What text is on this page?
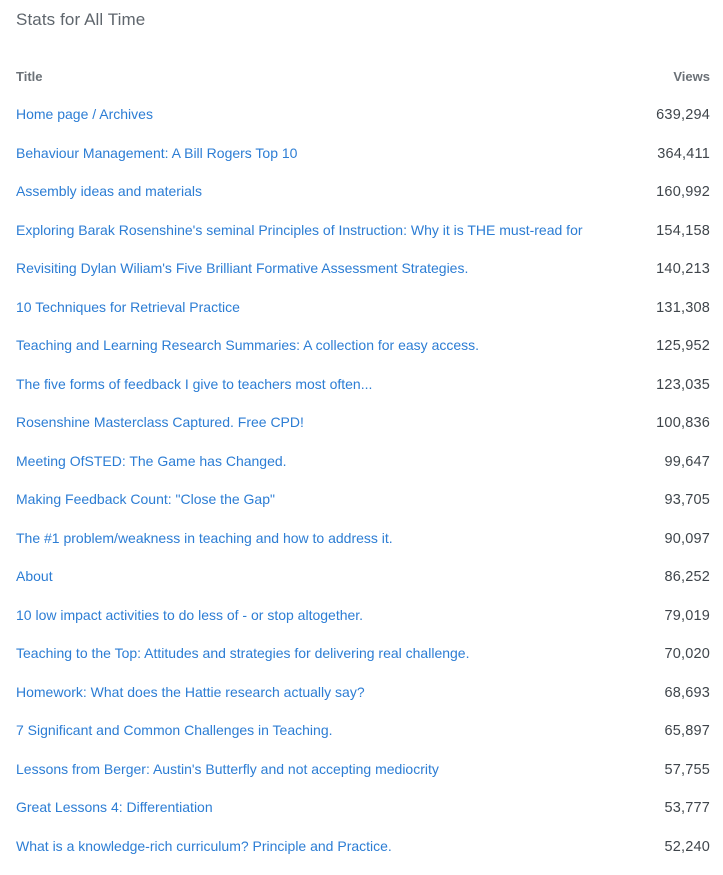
Stats for All Time
Title	Views
Home page / Archives	639,294
Behaviour Management: A Bill Rogers Top 10	364,411
Assembly ideas and materials	160,992
Exploring Barak Rosenshine's seminal Principles of Instruction: Why it is THE must-read for	154,158
Revisiting Dylan Wiliam's Five Brilliant Formative Assessment Strategies.	140,213
10 Techniques for Retrieval Practice	131,308
Teaching and Learning Research Summaries: A collection for easy access.	125,952
The five forms of feedback I give to teachers most often...	123,035
Rosenshine Masterclass Captured. Free CPD!	100,836
Meeting OfSTED: The Game has Changed.	99,647
Making Feedback Count: "Close the Gap"	93,705
The #1 problem/weakness in teaching and how to address it.	90,097
About	86,252
10 low impact activities to do less of - or stop altogether.	79,019
Teaching to the Top: Attitudes and strategies for delivering real challenge.	70,020
Homework: What does the Hattie research actually say?	68,693
7 Significant and Common Challenges in Teaching.	65,897
Lessons from Berger: Austin's Butterfly and not accepting mediocrity	57,755
Great Lessons 4: Differentiation	53,777
What is a knowledge-rich curriculum? Principle and Practice.	52,240
